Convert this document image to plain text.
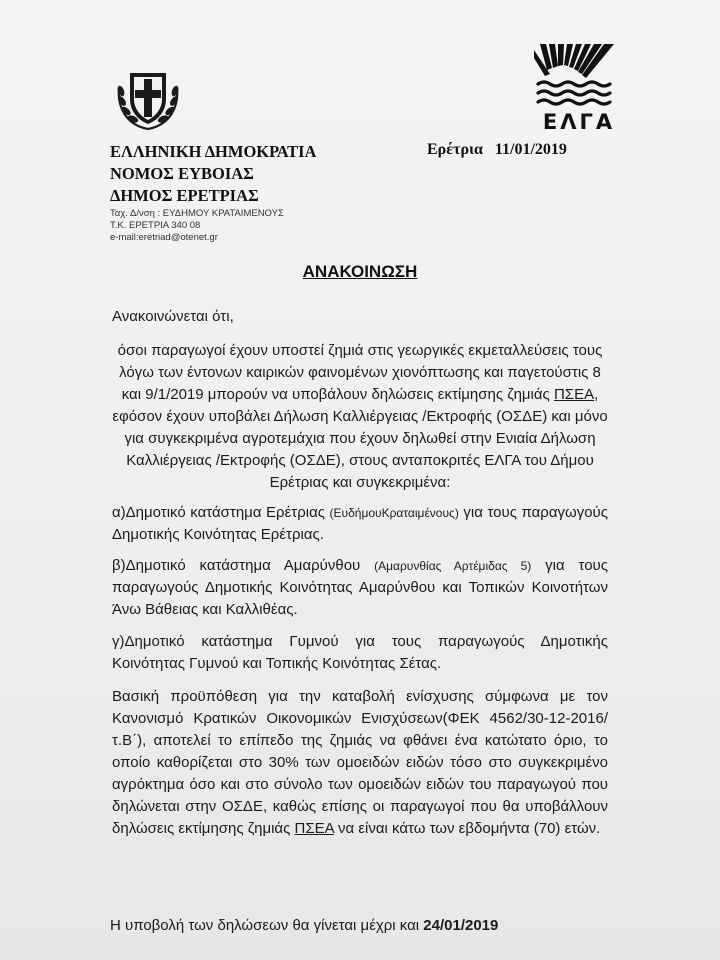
ΕΛΓΑ
ΕΛΛΗΝΙΚΗ ΔΗΜΟΚΡΑΤΙΑ
ΝΟΜΟΣ ΕΥΒΟΙΑΣ
ΔΗΜΟΣ ΕΡΕΤΡΙΑΣ
Ερέτρια 11/01/2019
Ταχ. Δ/νση : ΕΥΔΗΜΟΥ ΚΡΑΤΑΙΜΕΝΟΥΣ
Τ.Κ. ΕΡΕΤΡΙΑ 340 08
e-mail:eretriad@otenet.gr
ΑΝΑΚΟΙΝΩΣΗ
Ανακοινώνεται ότι,
όσοι παραγωγοί έχουν υποστεί ζημιά στις γεωργικές εκμεταλλεύσεις τους λόγω των έντονων καιρικών φαινομένων χιονόπτωσης και παγετούστις 8 και 9/1/2019 μπορούν να υποβάλουν δηλώσεις εκτίμησης ζημιάς ΠΣΕΑ, εφόσον έχουν υποβάλει Δήλωση Καλλιέργειας /Εκτροφής (ΟΣΔΕ) και μόνο για συγκεκριμένα αγροτεμάχια που έχουν δηλωθεί στην Ενιαία Δήλωση Καλλιέργειας /Εκτροφής (ΟΣΔΕ), στους ανταποκριτές ΕΛΓΑ του Δήμου Ερέτριας και συγκεκριμένα:
α)Δημοτικό κατάστημα Ερέτριας (ΕυδήμουΚραταιμένους) για τους παραγωγούς Δημοτικής Κοινότητας Ερέτριας.
β)Δημοτικό κατάστημα Αμαρύνθου (Αμαρυνθίας Αρτέμιδας 5) για τους παραγωγούς Δημοτικής Κοινότητας Αμαρύνθου και Τοπικών Κοινοτήτων Άνω Βάθειας και Καλλιθέας.
γ)Δημοτικό κατάστημα Γυμνού για τους παραγωγούς Δημοτικής Κοινότητας Γυμνού και Τοπικής Κοινότητας Σέτας.
Βασική προϋπόθεση για την καταβολή ενίσχυσης σύμφωνα με τον Κανονισμό Κρατικών Οικονομικών Ενισχύσεων(ΦΕΚ 4562/30-12-2016/τ.Β΄), αποτελεί το επίπεδο της ζημιάς να φθάνει ένα κατώτατο όριο, το οποίο καθορίζεται στο 30% των ομοειδών ειδών τόσο στο συγκεκριμένο αγρόκτημα όσο και στο σύνολο των ομοειδών ειδών του παραγωγού που δηλώνεται στην ΟΣΔΕ, καθώς επίσης οι παραγωγοί που θα υποβάλλουν δηλώσεις εκτίμησης ζημιάς ΠΣΕΑ να είναι κάτω των εβδομήντα (70) ετών.
Η υποβολή των δηλώσεων θα γίνεται μέχρι και 24/01/2019
